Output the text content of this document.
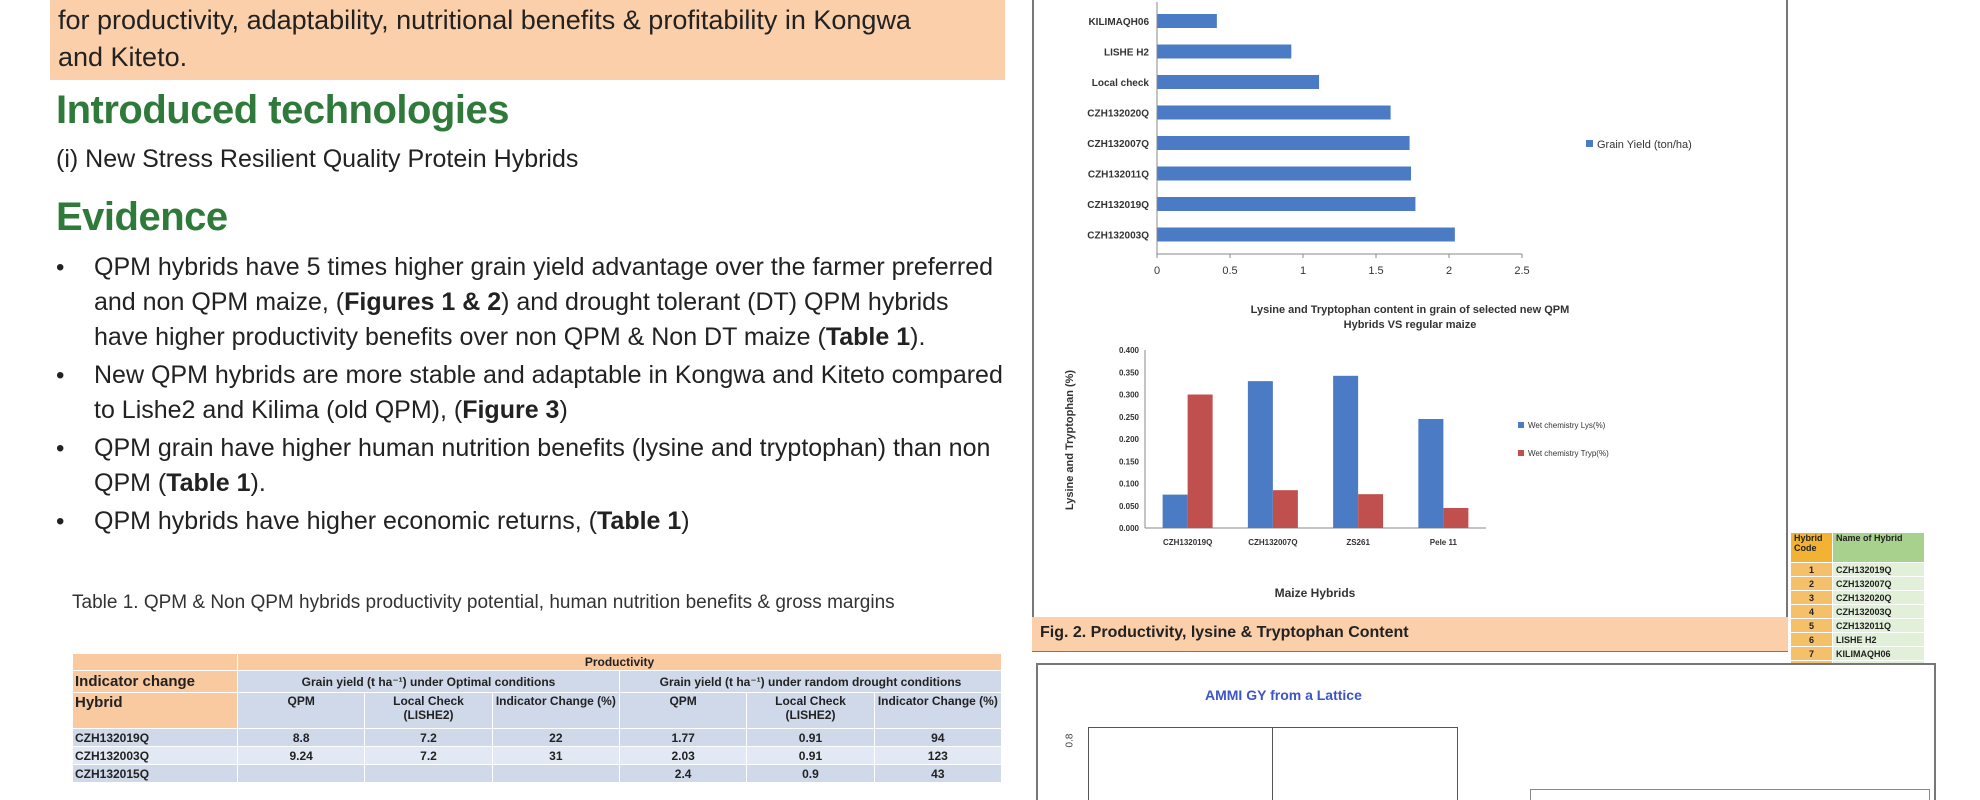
for productivity, adaptability, nutritional benefits & profitability in Kongwa
and Kiteto.
Introduced technologies
(i) New Stress Resilient Quality Protein Hybrids
Evidence
• QPM hybrids have 5 times higher grain yield advantage over the farmer preferred and non QPM maize, (Figures 1 & 2) and drought tolerant (DT) QPM hybrids have higher productivity benefits over non QPM & Non DT maize (Table 1).
• New QPM hybrids are more stable and adaptable in Kongwa and Kiteto compared to Lishe2 and Kilima (old QPM), (Figure 3)
• QPM grain have higher human nutrition benefits (lysine and tryptophan) than non QPM (Table 1).
• QPM hybrids have higher economic returns, (Table 1)
Table 1. QPM & Non QPM hybrids productivity potential, human nutrition benefits & gross margins
	Productivity					
Indicator change	Grain yield (t ha⁻¹) under Optimal conditions			Grain yield (t ha⁻¹) under random drought conditions		
Hybrid	QPM	Local Check (LISHE2)	Indicator Change (%)	QPM	Local Check (LISHE2)	Indicator Change (%)
CZH132019Q	8.8	7.2	22	1.77	0.91	94
CZH132003Q	9.24	7.2	31	2.03	0.91	123
CZH132015Q				2.4	0.9	43
KILIMAQH06
LISHE H2
Local check
CZH132020Q
CZH132007Q
CZH132011Q
CZH132019Q
CZH132003Q
0	0.5	1	1.5	2	2.5
Grain Yield (ton/ha)
Lysine and Tryptophan content in grain of selected new QPM
Hybrids VS regular maize
0.000
0.050
0.100
0.150
0.200
0.250
0.300
0.350
0.400
CZH132019Q	CZH132007Q	ZS261	Pele 11
Maize Hybrids
Lysine and Tryptophan (%)	Wet chemistry Lys(%)
Wet chemistry Tryp(%)
Fig. 2. Productivity, lysine & Tryptophan Content
Hybrid Code	Name of Hybrid
1	CZH132019Q
2	CZH132007Q
3	CZH132020Q
4	CZH132003Q
5	CZH132011Q
6	LISHE H2
7	KILIMAQH06

AMMI GY from a Lattice
0.8
